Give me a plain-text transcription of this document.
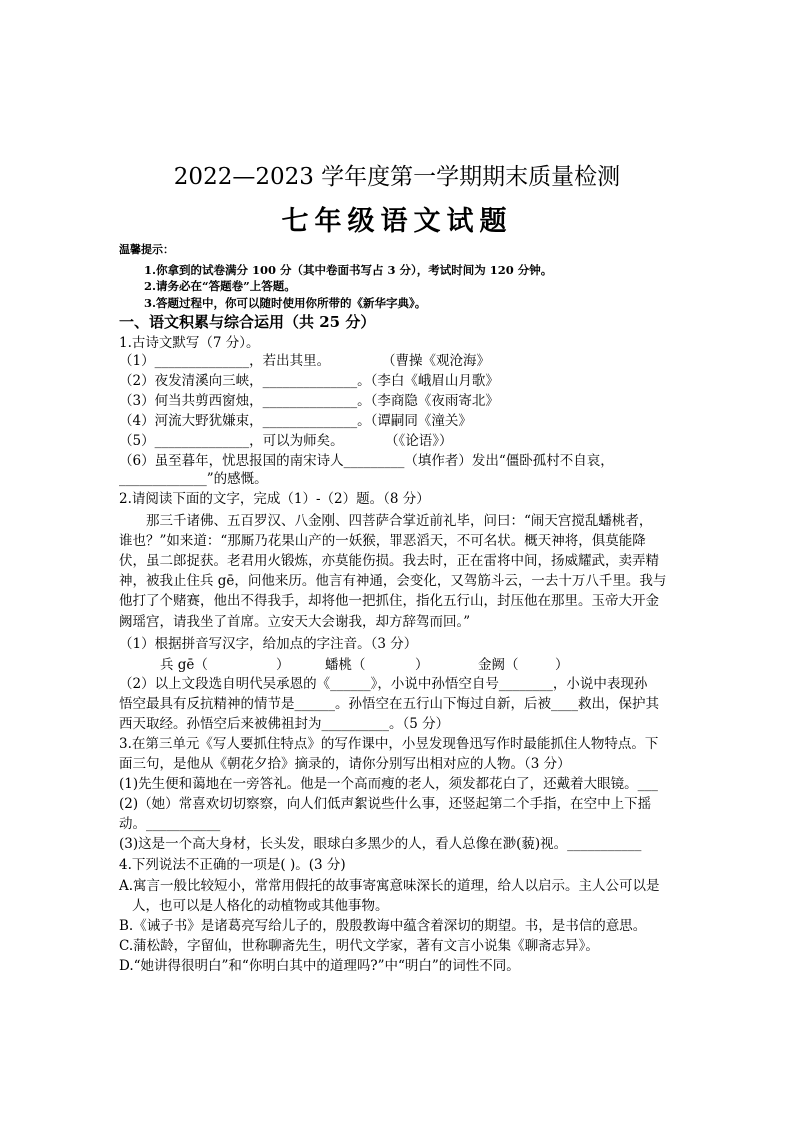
2022—2023 学年度第一学期期末质量检测
七年级语文试题
温馨提示：
1.你拿到的试卷满分 100 分（其中卷面书写占 3 分），考试时间为 120 分钟。
2.请务必在“答题卷”上答题。
3.答题过程中，你可以随时使用你所带的《新华字典》。
一、语文积累与综合运用（共 25 分）
1.古诗文默写（7 分）。
（1）______________，若出其里。	（曹操《观沧海》
（2）夜发清溪向三峡，______________。（李白《峨眉山月歌》
（3）何当共剪西窗烛，______________。（李商隐《夜雨寄北》
（4）河流大野犹嫌束，______________。（谭嗣同《潼关》
（5）______________，可以为师矣。	（《论语》）
（6）虽至暮年，忧思报国的南宋诗人_________（填作者）发出“僵卧孤村不自哀，
_____________”的感慨。
2.请阅读下面的文字，完成（1）-（2）题。（8 分）
那三千诸佛、五百罗汉、八金刚、四菩萨合掌近前礼毕，问曰：“闹天宫搅乱蟠桃者，
谁也？”如来道：“那厮乃花果山产的一妖猴，罪恶滔天，不可名状。概天神将，俱莫能降
伏，虽二郎捉获。老君用火锻炼，亦莫能伤损。我去时，正在雷将中间，扬威耀武，卖弄精
神，被我止住兵 gē，问他来历。他言有神通，会变化，又驾筋斗云，一去十万八千里。我与
他打了个赌赛，他出不得我手，却将他一把抓住，指化五行山，封压他在那里。玉帝大开金
阙瑶宫，请我坐了首席。立安天大会谢我，却方辞驾而回。”
（1）根据拼音写汉字，给加点的字注音。（3 分）
兵 gē（	）	蟠桃（	）	金阙（	）
（2）以上文段选自明代吴承恩的《______》，小说中孙悟空自号________，小说中表现孙
悟空最具有反抗精神的情节是______。孙悟空在五行山下悔过自新，后被____救出，保护其
西天取经。孙悟空后来被佛祖封为__________。（5 分）
3.在第三单元《写人要抓住特点》的写作课中，小昱发现鲁迅写作时最能抓住人物特点。下
面三句，是他从《朝花夕拾》摘录的，请你分别写出相对应的人物。（3 分）
(1)先生便和蔼地在一旁答礼。他是一个高而瘦的老人，须发都花白了，还戴着大眼镜。___
(2)（她）常喜欢切切察察，向人们低声絮说些什么事，还竖起第二个手指，在空中上下摇
动。___________
(3)这是一个高大身材，长头发，眼球白多黑少的人，看人总像在渺(藐)视。___________
4.下列说法不正确的一项是( )。(3 分)
A.寓言一般比较短小，常常用假托的故事寄寓意味深长的道理，给人以启示。主人公可以是
人，也可以是人格化的动植物或其他事物。
B.《诫子书》是诸葛亮写给儿子的，殷殷教诲中蕴含着深切的期望。书，是书信的意思。
C.蒲松龄，字留仙，世称聊斋先生，明代文学家，著有文言小说集《聊斋志异》。
D.“她讲得很明白”和“你明白其中的道理吗?”中“明白”的词性不同。
